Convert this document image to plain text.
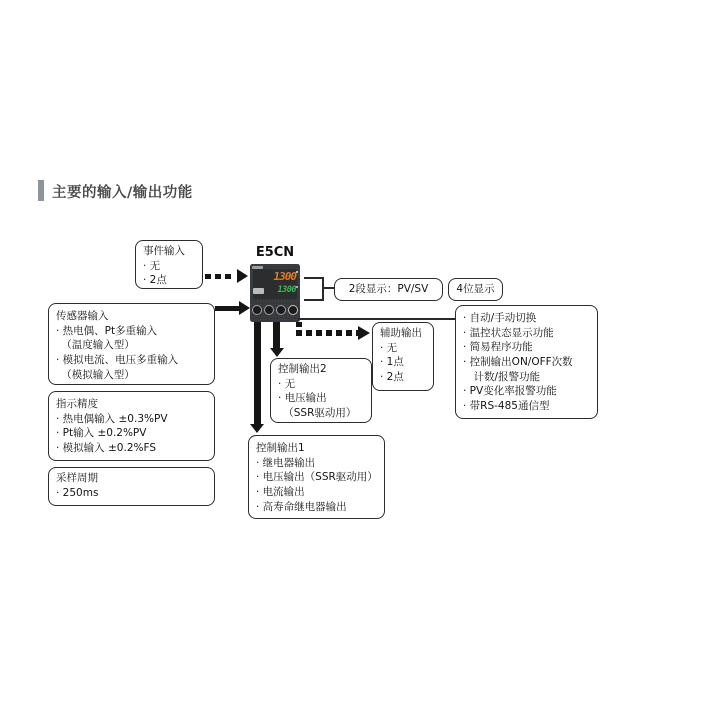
主要的输入/输出功能
事件输入
· 无
· 2点
传感器输入
· 热电偶、Pt多重输入
　（温度输入型）
· 模拟电流、电压多重输入
　（模拟输入型）
指示精度
· 热电偶输入 ±0.3%PV
· Pt输入 ±0.2%PV
· 模拟输入 ±0.2%FS
采样周期
· 250ms
E5CN
1300
1300	2段显示：PV/SV	4位显示
控制输出2
· 无
· 电压输出
　（SSR驱动用）
辅助输出
· 无
· 1点
· 2点
控制输出1
· 继电器输出
· 电压输出（SSR驱动用）
· 电流输出
· 高寿命继电器输出
· 自动/手动切换
· 温控状态显示功能
· 简易程序功能
· 控制输出ON/OFF次数
　计数/报警功能
· PV变化率报警功能
· 带RS-485通信型
